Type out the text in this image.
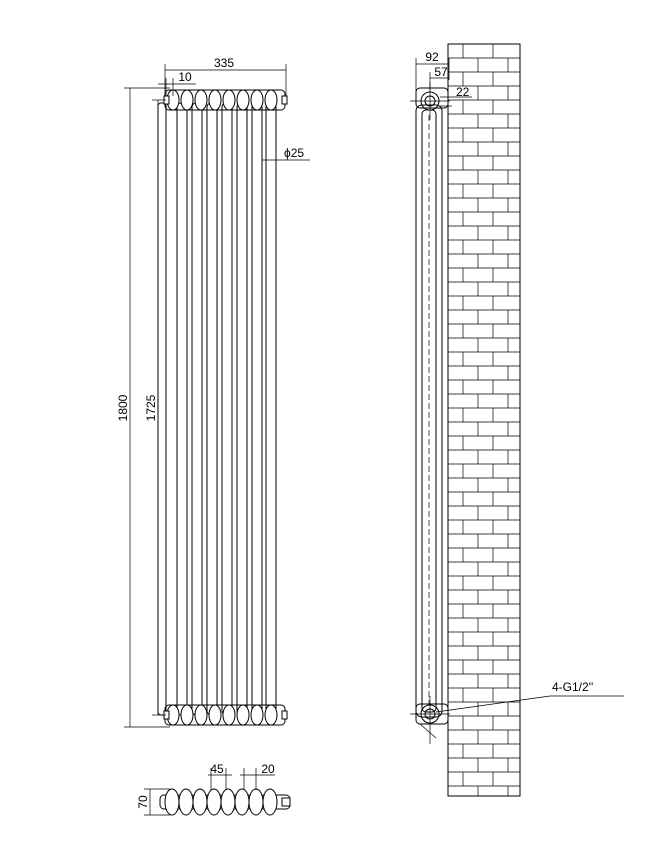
335
10
1800 1725
ϕ25
45	20
70
92
57
22
4-G1/2''
